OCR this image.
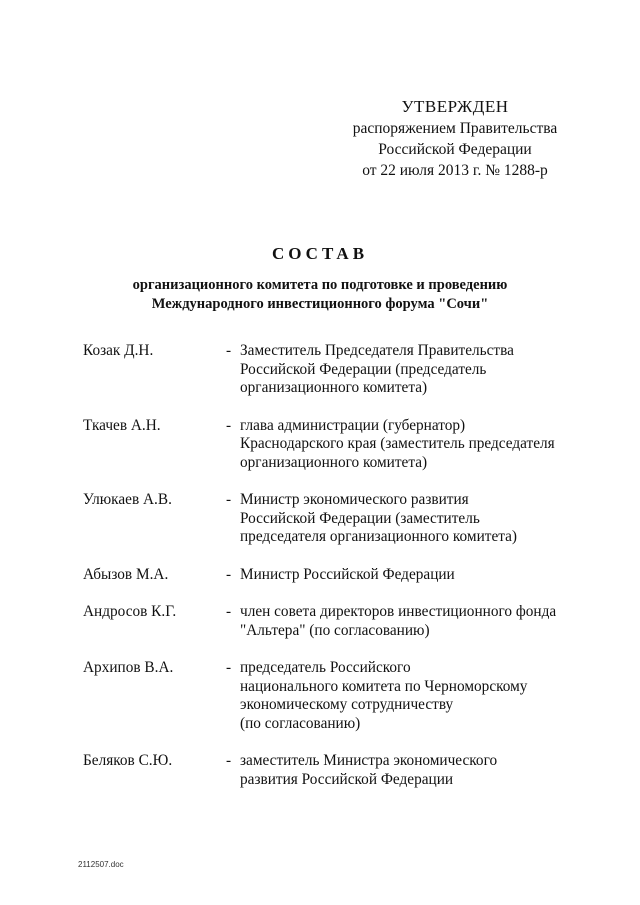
УТВЕРЖДЕН
распоряжением Правительства
Российской Федерации
от 22 июля 2013 г. № 1288-р
СОСТАВ
организационного комитета по подготовке и проведению
Международного инвестиционного форума "Сочи"
Козак Д.Н.	- Заместитель Председателя Правительства
Российской Федерации (председатель
организационного комитета)
Ткачев А.Н.	- глава администрации (губернатор)
Краснодарского края (заместитель председателя
организационного комитета)
Улюкаев А.В.	- Министр экономического развития
Российской Федерации (заместитель
председателя организационного комитета)
Абызов М.А.	- Министр Российской Федерации
Андросов К.Г.	- член совета директоров инвестиционного фонда
"Альтера" (по согласованию)
Архипов В.А.	- председатель Российского
национального комитета по Черноморскому
экономическому сотрудничеству
(по согласованию)
Беляков С.Ю.	- заместитель Министра экономического
развития Российской Федерации
2112507.doc
